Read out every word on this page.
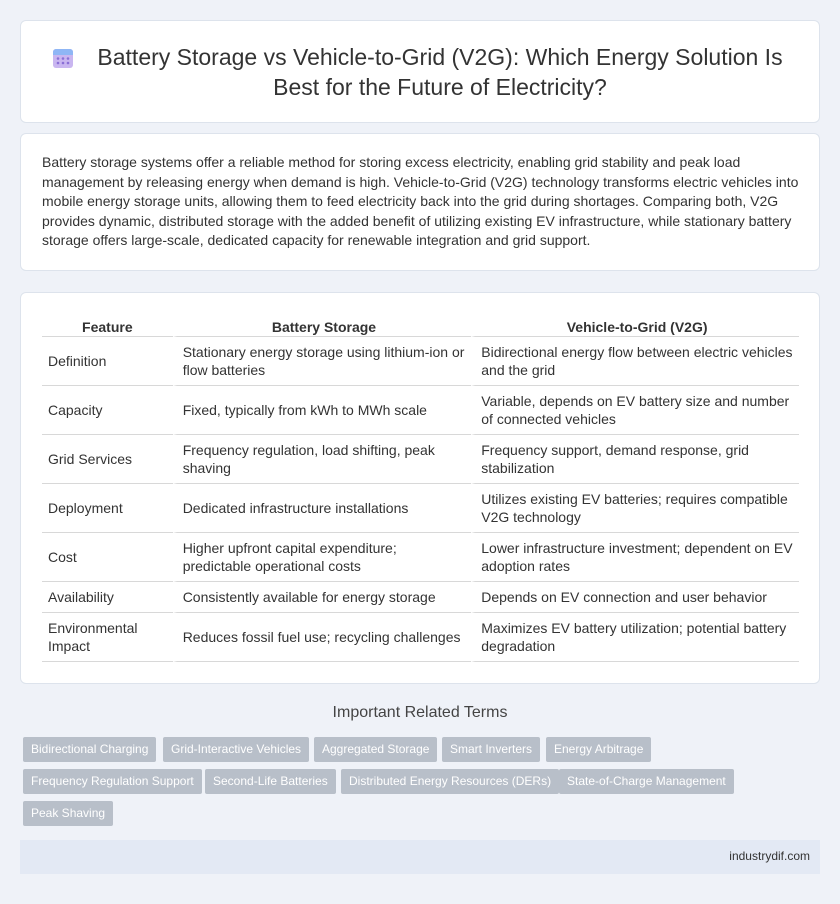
Battery Storage vs Vehicle-to-Grid (V2G): Which Energy Solution Is Best for the Future of Electricity?

Battery storage systems offer a reliable method for storing excess electricity, enabling grid stability and peak load management by releasing energy when demand is high. Vehicle-to-Grid (V2G) technology transforms electric vehicles into mobile energy storage units, allowing them to feed electricity back into the grid during shortages. Comparing both, V2G provides dynamic, distributed storage with the added benefit of utilizing existing EV infrastructure, while stationary battery storage offers large-scale, dedicated capacity for renewable integration and grid support.

Feature	Battery Storage	Vehicle-to-Grid (V2G)
Definition	Stationary energy storage using lithium-ion or flow batteries	Bidirectional energy flow between electric vehicles and the grid
Capacity	Fixed, typically from kWh to MWh scale	Variable, depends on EV battery size and number of connected vehicles
Grid Services	Frequency regulation, load shifting, peak shaving	Frequency support, demand response, grid stabilization
Deployment	Dedicated infrastructure installations	Utilizes existing EV batteries; requires compatible V2G technology
Cost	Higher upfront capital expenditure; predictable operational costs	Lower infrastructure investment; dependent on EV adoption rates
Availability	Consistently available for energy storage	Depends on EV connection and user behavior
Environmental Impact	Reduces fossil fuel use; recycling challenges	Maximizes EV battery utilization; potential battery degradation
Important Related Terms
Bidirectional Charging	Grid-Interactive Vehicles	Aggregated Storage	Smart Inverters	Energy Arbitrage
Frequency Regulation Support	Second-Life Batteries	Distributed Energy Resources (DERs)	State-of-Charge Management
Peak Shaving
industrydif.com
